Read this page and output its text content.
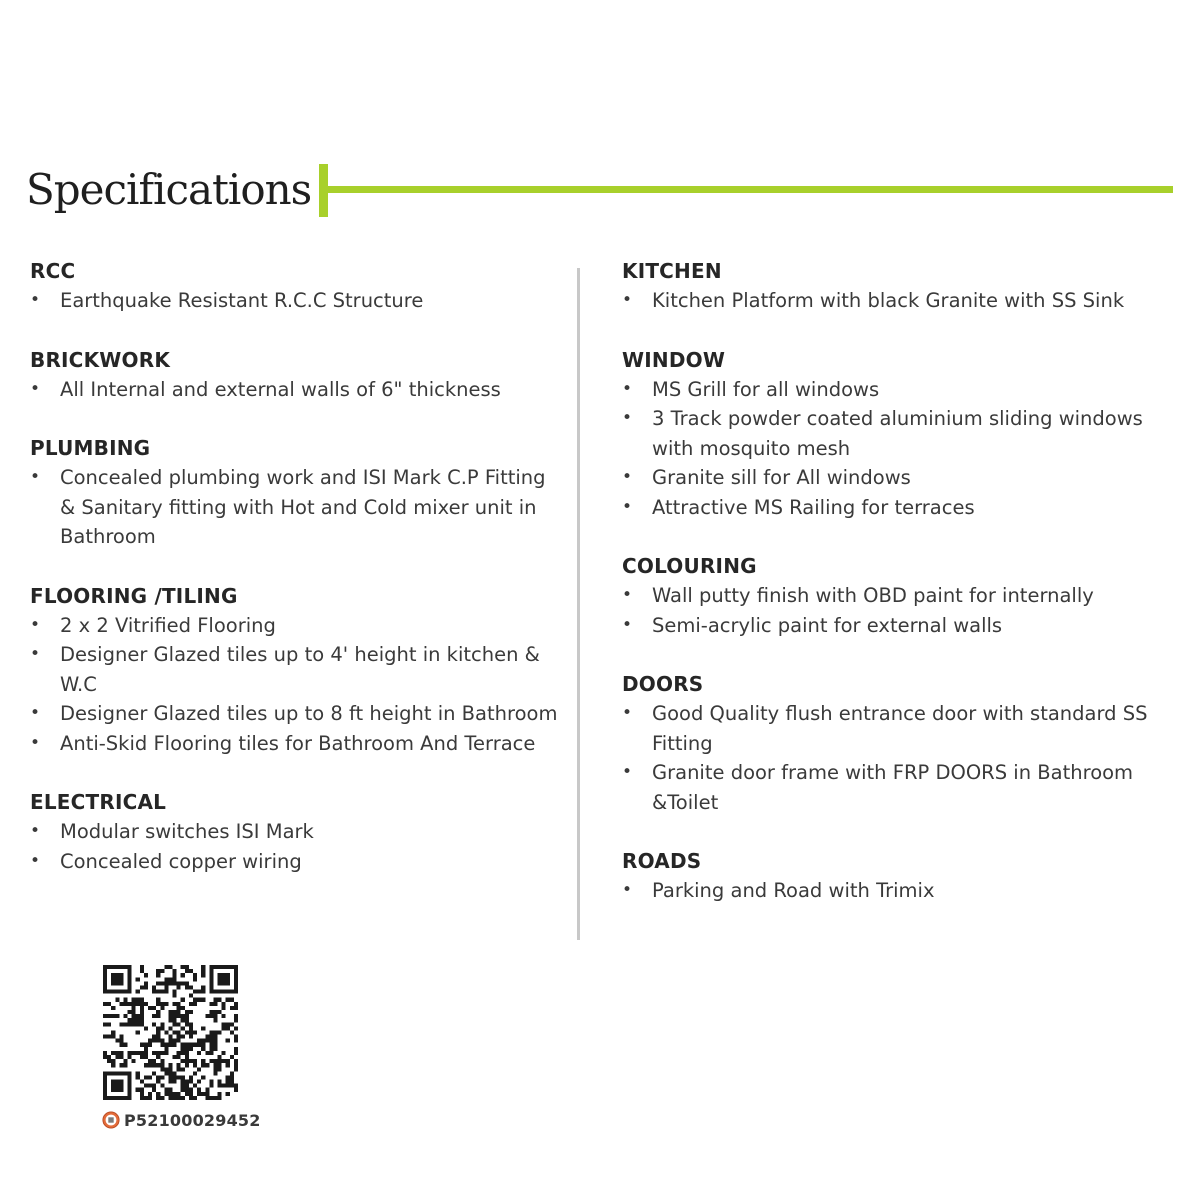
Specifications
RCC
• Earthquake Resistant R.C.C Structure
BRICKWORK
• All Internal and external walls of 6" thickness
PLUMBING
• Concealed plumbing work and ISI Mark C.P Fitting & Sanitary fitting with Hot and Cold mixer unit in Bathroom
FLOORING /TILING
• 2 x 2 Vitrified Flooring
• Designer Glazed tiles up to 4' height in kitchen & W.C
• Designer Glazed tiles up to 8 ft height in Bathroom
• Anti-Skid Flooring tiles for Bathroom And Terrace
ELECTRICAL
• Modular switches ISI Mark
• Concealed copper wiring
KITCHEN
• Kitchen Platform with black Granite with SS Sink
WINDOW
• MS Grill for all windows
• 3 Track powder coated aluminium sliding windows with mosquito mesh
• Granite sill for All windows
• Attractive MS Railing for terraces
COLOURING
• Wall putty finish with OBD paint for internally
• Semi-acrylic paint for external walls
DOORS
• Good Quality flush entrance door with standard SS Fitting
• Granite door frame with FRP DOORS in Bathroom &Toilet
ROADS
• Parking and Road with Trimix
P52100029452
